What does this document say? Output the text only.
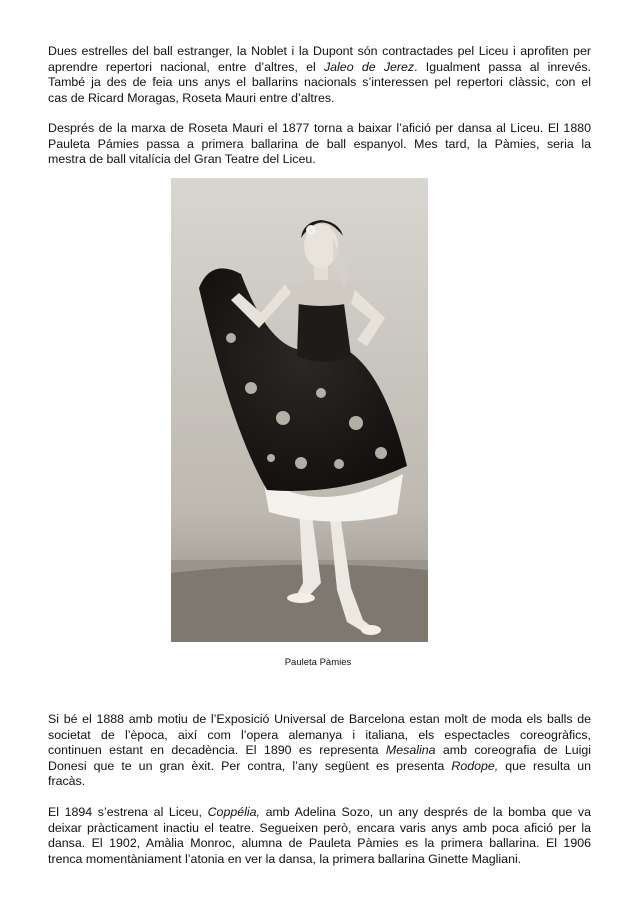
Dues estrelles del ball estranger, la Noblet i la Dupont són contractades pel Liceu i aprofiten per
aprendre repertori nacional, entre d’altres, el Jaleo de Jerez. Igualment passa al inrevés.
També ja des de feia uns anys el ballarins nacionals s’interessen pel repertori clàssic, con el
cas de Ricard Moragas, Roseta Mauri entre d’altres.

Després de la marxa de Roseta Mauri el 1877 torna a baixar l’afició per dansa al Liceu. El 1880
Pauleta Pámies passa a primera ballarina de ball espanyol. Mes tard, la Pàmies, seria la
mestra de ball vitalícia del Gran Teatre del Liceu.

Pauleta Pàmies

Si bé el 1888 amb motiu de l’Exposició Universal de Barcelona estan molt de moda els balls de
societat de l’època, així com l’opera alemanya i italiana, els espectacles coreogràfics,
continuen estant en decadència. El 1890 es representa Mesalina amb coreografia de Luigi
Donesi que te un gran èxit. Per contra, l’any següent es presenta Rodope, que resulta un
fracàs.

El 1894 s’estrena al Liceu, Coppélia, amb Adelina Sozo, un any després de la bomba que va
deixar pràcticament inactiu el teatre. Segueixen però, encara varis anys amb poca afició per la
dansa. El 1902, Amàlia Monroc, alumna de Pauleta Pàmies es la primera ballarina. El 1906
trenca momentàniament l’atonia en ver la dansa, la primera ballarina Ginette Magliani.
